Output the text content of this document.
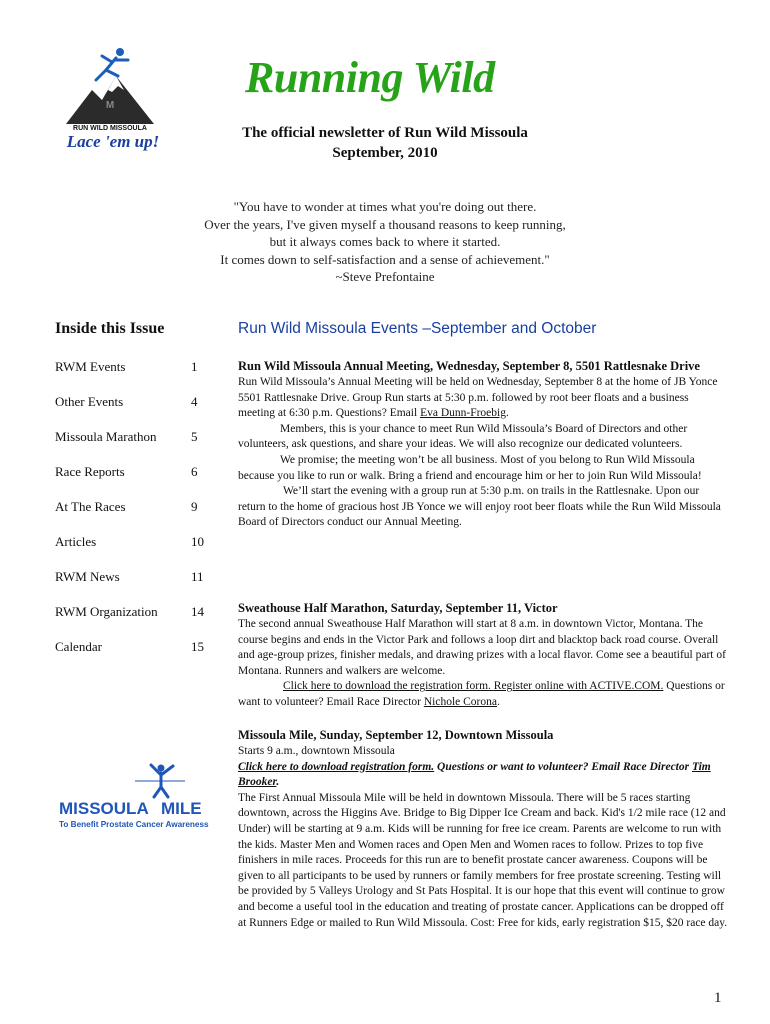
M
RUN WILD MISSOULA
Lace 'em up!
Running Wild
The official newsletter of Run Wild Missoula
September, 2010
"You have to wonder at times what you're doing out there.
Over the years, I've given myself a thousand reasons to keep running,
but it always comes back to where it started.
It comes down to self-satisfaction and a sense of achievement."
~Steve Prefontaine
Inside this Issue
RWM Events	1
Other Events	4
Missoula Marathon	5
Race Reports	6
At The Races	9
Articles	10
RWM News	11
RWM Organization	14
Calendar	15
Run Wild Missoula Events –September and October
Run Wild Missoula Annual Meeting, Wednesday, September 8, 5501 Rattlesnake Drive

Run Wild Missoula’s Annual Meeting will be held on Wednesday, September 8 at the home of JB Yonce 5501 Rattlesnake Drive. Group Run starts at 5:30 p.m. followed by root beer floats and a business meeting at 6:30 p.m. Questions? Email Eva Dunn-Froebig.

Members, this is your chance to meet Run Wild Missoula’s Board of Directors and other volunteers, ask questions, and share your ideas. We will also recognize our dedicated volunteers.

We promise; the meeting won’t be all business. Most of you belong to Run Wild Missoula because you like to run or walk. Bring a friend and encourage him or her to join Run Wild Missoula!

We’ll start the evening with a group run at 5:30 p.m. on trails in the Rattlesnake. Upon our return to the home of gracious host JB Yonce we will enjoy root beer floats while the Run Wild Missoula Board of Directors conduct our Annual Meeting.

Sweathouse Half Marathon, Saturday, September 11, Victor

The second annual Sweathouse Half Marathon will start at 8 a.m. in downtown Victor, Montana. The course begins and ends in the Victor Park and follows a loop dirt and blacktop back road course. Overall and age-group prizes, finisher medals, and drawing prizes with a local flavor. Come see a beautiful part of Montana. Runners and walkers are welcome.

Click here to download the registration form. Register online with ACTIVE.COM. Questions or want to volunteer? Email Race Director Nichole Corona.

Missoula Mile, Sunday, September 12, Downtown Missoula

Starts 9 a.m., downtown Missoula

Click here to download registration form. Questions or want to volunteer? Email Race Director Tim Brooker.

The First Annual Missoula Mile will be held in downtown Missoula. There will be 5 races starting downtown, across the Higgins Ave. Bridge to Big Dipper Ice Cream and back. Kid's 1/2 mile race (12 and Under) will be starting at 9 a.m. Kids will be running for free ice cream. Parents are welcome to run with the kids. Master Men and Women races and Open Men and Women races to follow. Prizes to top five finishers in mile races. Proceeds for this run are to benefit prostate cancer awareness. Coupons will be given to all participants to be used by runners or family members for free prostate screening. Testing will be provided by 5 Valleys Urology and St Pats Hospital. It is our hope that this event will continue to grow and become a useful tool in the education and treating of prostate cancer. Applications can be dropped off at Runners Edge or mailed to Run Wild Missoula. Cost: Free for kids, early registration $15, $20 race day.

MISSOULA MILE
To Benefit Prostate Cancer Awareness
1
